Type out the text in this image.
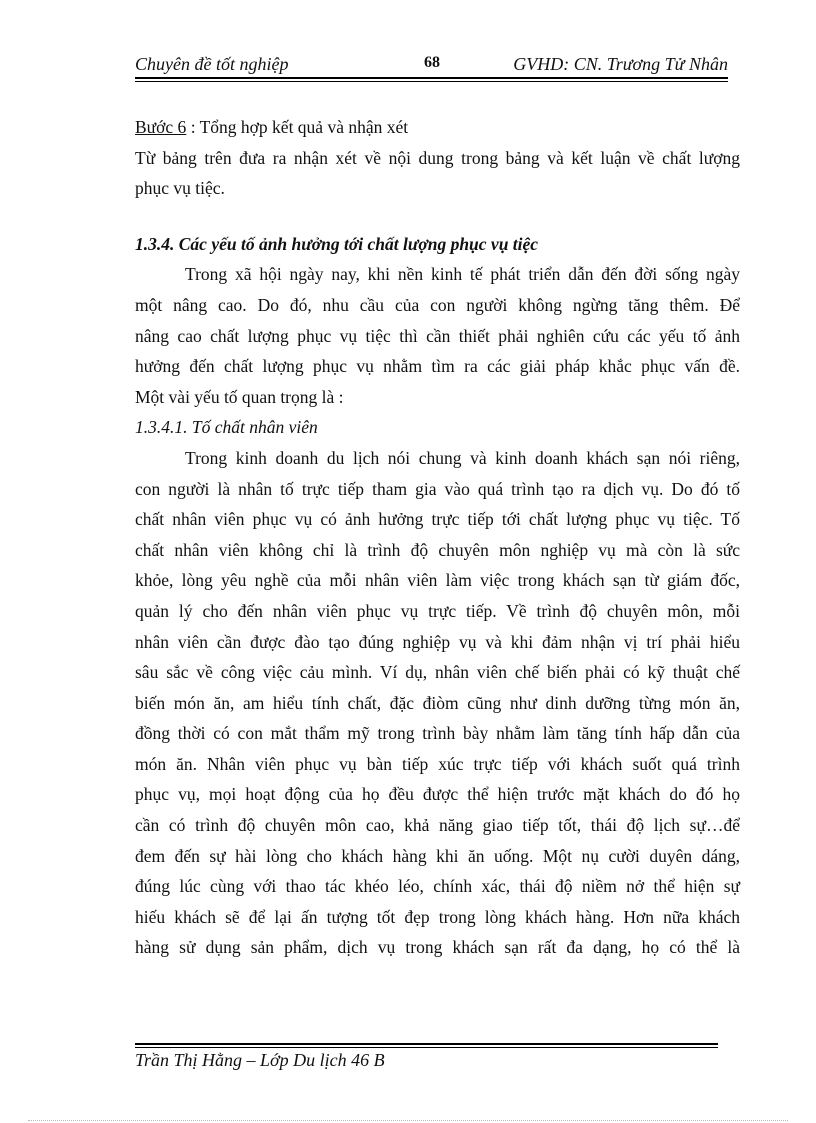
Chuyên đề tốt nghiệp	68	GVHD: CN. Trương Tử Nhân
Bước 6 : Tổng hợp kết quả và nhận xét
Từ bảng trên đưa ra nhận xét về nội dung trong bảng và kết luận về chất lượng
phục vụ tiệc.
1.3.4. Các yếu tố ảnh hưởng tới chất lượng phục vụ tiệc
Trong xã hội ngày nay, khi nền kinh tế phát triển dẫn đến đời sống ngày
một nâng cao. Do đó, nhu cầu của con người không ngừng tăng thêm. Để
nâng cao chất lượng phục vụ tiệc thì cần thiết phải nghiên cứu các yếu tố ảnh
hưởng đến chất lượng phục vụ nhằm tìm ra các giải pháp khắc phục vấn đề.
Một vài yếu tố quan trọng là :
1.3.4.1. Tố chất nhân viên
Trong kinh doanh du lịch nói chung và kinh doanh khách sạn nói riêng,
con người là nhân tố trực tiếp tham gia vào quá trình tạo ra dịch vụ. Do đó tố
chất nhân viên phục vụ có ảnh hưởng trực tiếp tới chất lượng phục vụ tiệc. Tố
chất nhân viên không chỉ là trình độ chuyên môn nghiệp vụ mà còn là sức
khỏe, lòng yêu nghề của mỗi nhân viên làm việc trong khách sạn từ giám đốc,
quản lý cho đến nhân viên phục vụ trực tiếp. Về trình độ chuyên môn, mỗi
nhân viên cần được đào tạo đúng nghiệp vụ và khi đảm nhận vị trí phải hiểu
sâu sắc về công việc cảu mình. Ví dụ, nhân viên chế biến phải có kỹ thuật chế
biến món ăn, am hiểu tính chất, đặc điòm cũng như dinh dưỡng từng món ăn,
đồng thời có con mắt thẩm mỹ trong trình bày nhằm làm tăng tính hấp dẫn của
món ăn. Nhân viên phục vụ bàn tiếp xúc trực tiếp với khách suốt quá trình
phục vụ, mọi hoạt động của họ đều được thể hiện trước mặt khách do đó họ
cần có trình độ chuyên môn cao, khả năng giao tiếp tốt, thái độ lịch sự…để
đem đến sự hài lòng cho khách hàng khi ăn uống. Một nụ cười duyên dáng,
đúng lúc cùng với thao tác khéo léo, chính xác, thái độ niềm nở thể hiện sự
hiếu khách sẽ để lại ấn tượng tốt đẹp trong lòng khách hàng. Hơn nữa khách
hàng sử dụng sản phẩm, dịch vụ trong khách sạn rất đa dạng, họ có thể là
Trần Thị Hằng – Lớp Du lịch 46 B
